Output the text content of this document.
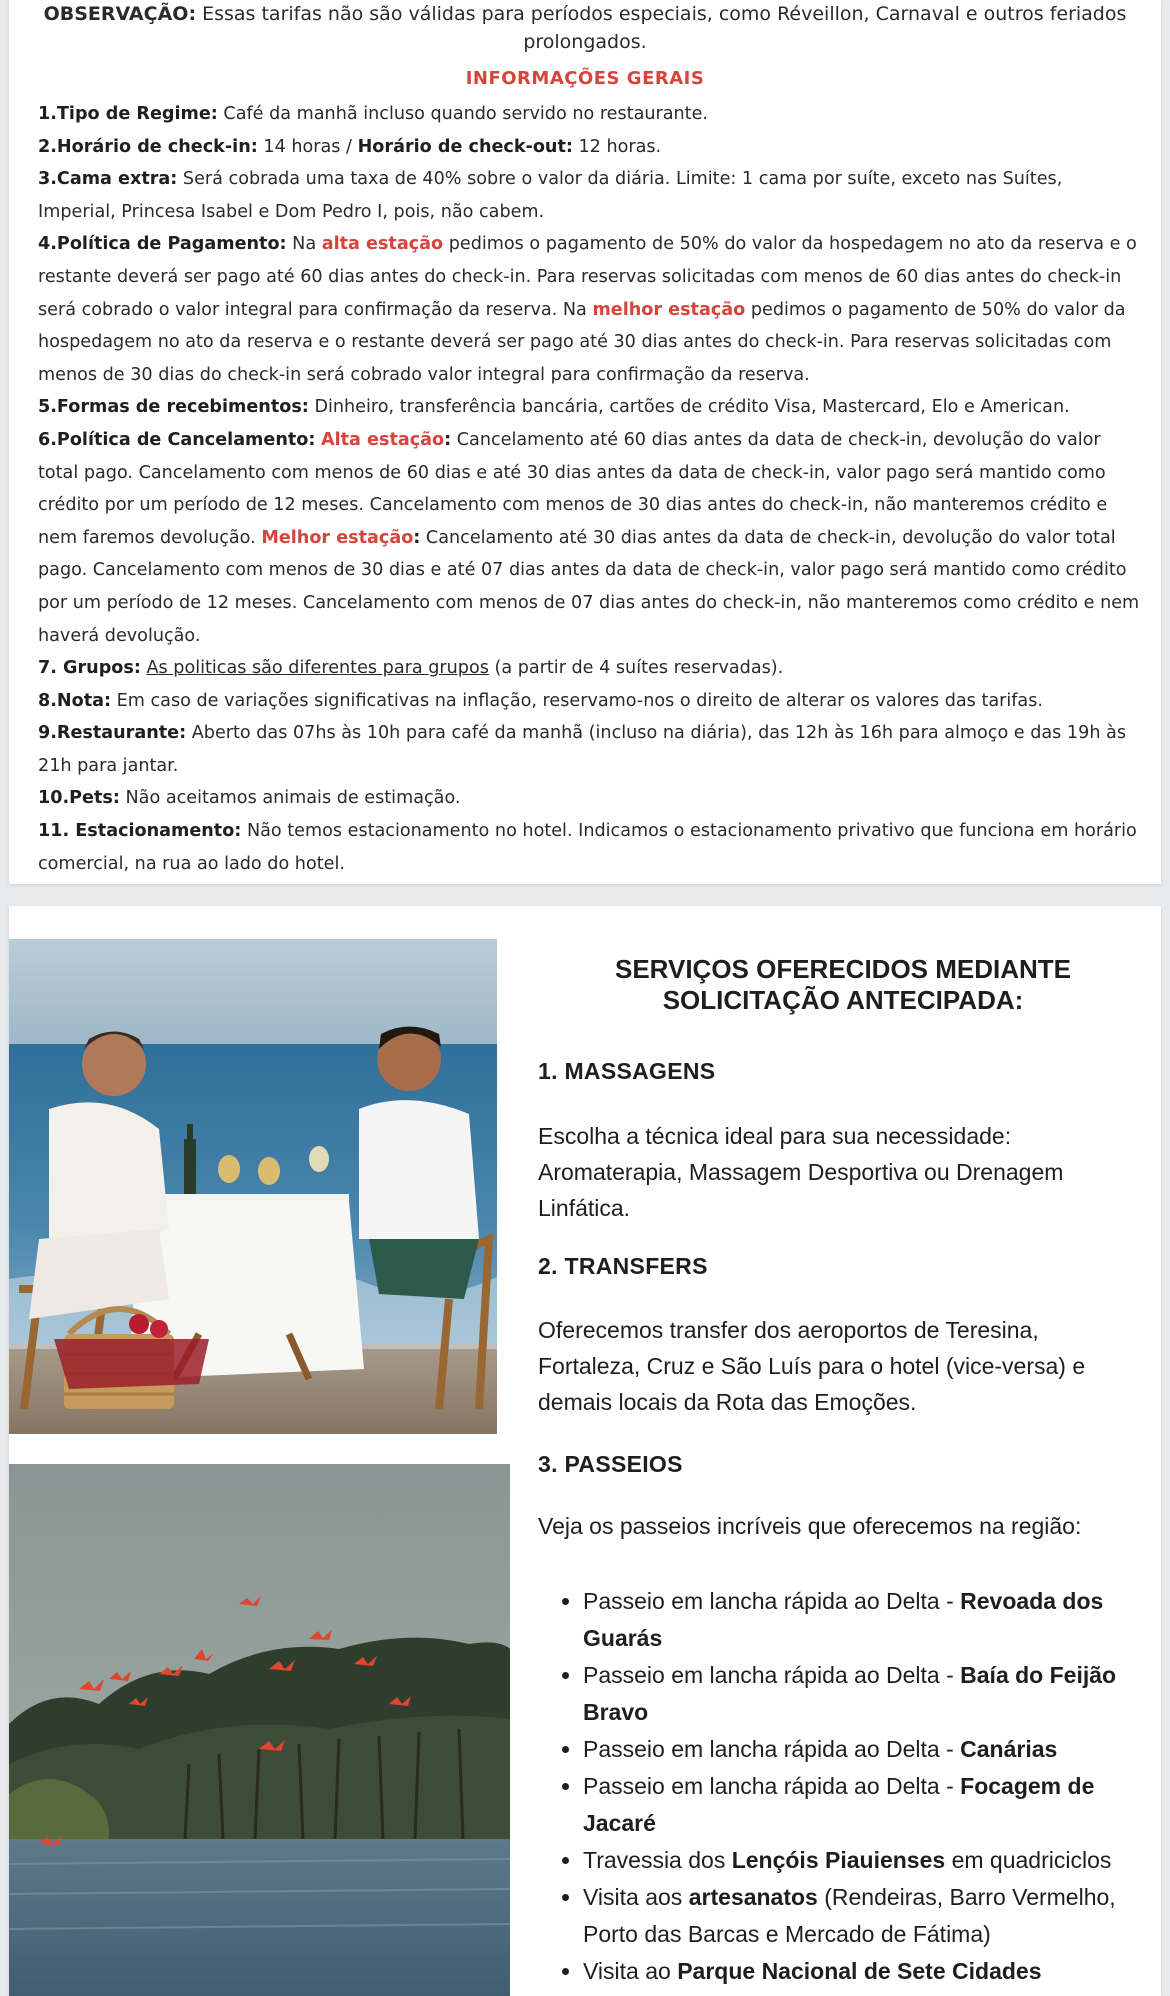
OBSERVAÇÃO: Essas tarifas não são válidas para períodos especiais, como Réveillon, Carnaval e outros feriados prolongados.
INFORMAÇÕES GERAIS

1.Tipo de Regime: Café da manhã incluso quando servido no restaurante.

2.Horário de check-in: 14 horas / Horário de check-out: 12 horas.

3.Cama extra: Será cobrada uma taxa de 40% sobre o valor da diária. Limite: 1 cama por suíte, exceto nas Suítes, Imperial, Princesa Isabel e Dom Pedro I, pois, não cabem.

4.Política de Pagamento: Na alta estação pedimos o pagamento de 50% do valor da hospedagem no ato da reserva e o restante deverá ser pago até 60 dias antes do check-in. Para reservas solicitadas com menos de 60 dias antes do check-in será cobrado o valor integral para confirmação da reserva. Na melhor estação pedimos o pagamento de 50% do valor da hospedagem no ato da reserva e o restante deverá ser pago até 30 dias antes do check-in. Para reservas solicitadas com menos de 30 dias do check-in será cobrado valor integral para confirmação da reserva.

5.Formas de recebimentos: Dinheiro, transferência bancária, cartões de crédito Visa, Mastercard, Elo e American.

6.Política de Cancelamento: Alta estação: Cancelamento até 60 dias antes da data de check-in, devolução do valor total pago. Cancelamento com menos de 60 dias e até 30 dias antes da data de check-in, valor pago será mantido como crédito por um período de 12 meses. Cancelamento com menos de 30 dias antes do check-in, não manteremos crédito e nem faremos devolução. Melhor estação: Cancelamento até 30 dias antes da data de check-in, devolução do valor total pago. Cancelamento com menos de 30 dias e até 07 dias antes da data de check-in, valor pago será mantido como crédito por um período de 12 meses. Cancelamento com menos de 07 dias antes do check-in, não manteremos como crédito e nem haverá devolução.

7. Grupos: As politicas são diferentes para grupos (a partir de 4 suítes reservadas).

8.Nota: Em caso de variações significativas na inflação, reservamo-nos o direito de alterar os valores das tarifas.

9.Restaurante: Aberto das 07hs às 10h para café da manhã (incluso na diária), das 12h às 16h para almoço e das 19h às 21h para jantar.

10.Pets: Não aceitamos animais de estimação.

11. Estacionamento: Não temos estacionamento no hotel. Indicamos o estacionamento privativo que funciona em horário comercial, na rua ao lado do hotel.

SERVIÇOS OFERECIDOS MEDIANTE
SOLICITAÇÃO ANTECIPADA:
1. MASSAGENS
Escolha a técnica ideal para sua necessidade: Aromaterapia, Massagem Desportiva ou Drenagem Linfática.
2. TRANSFERS
Oferecemos transfer dos aeroportos de Teresina, Fortaleza, Cruz e São Luís para o hotel (vice-versa) e demais locais da Rota das Emoções.
3. PASSEIOS
Veja os passeios incríveis que oferecemos na região:
• Passeio em lancha rápida ao Delta - Revoada dos Guarás
• Passeio em lancha rápida ao Delta - Baía do Feijão Bravo
• Passeio em lancha rápida ao Delta - Canárias
• Passeio em lancha rápida ao Delta - Focagem de Jacaré
• Travessia dos Lençóis Piauienses em quadriciclos
• Visita aos artesanatos (Rendeiras, Barro Vermelho, Porto das Barcas e Mercado de Fátima)
• Visita ao Parque Nacional de Sete Cidades
